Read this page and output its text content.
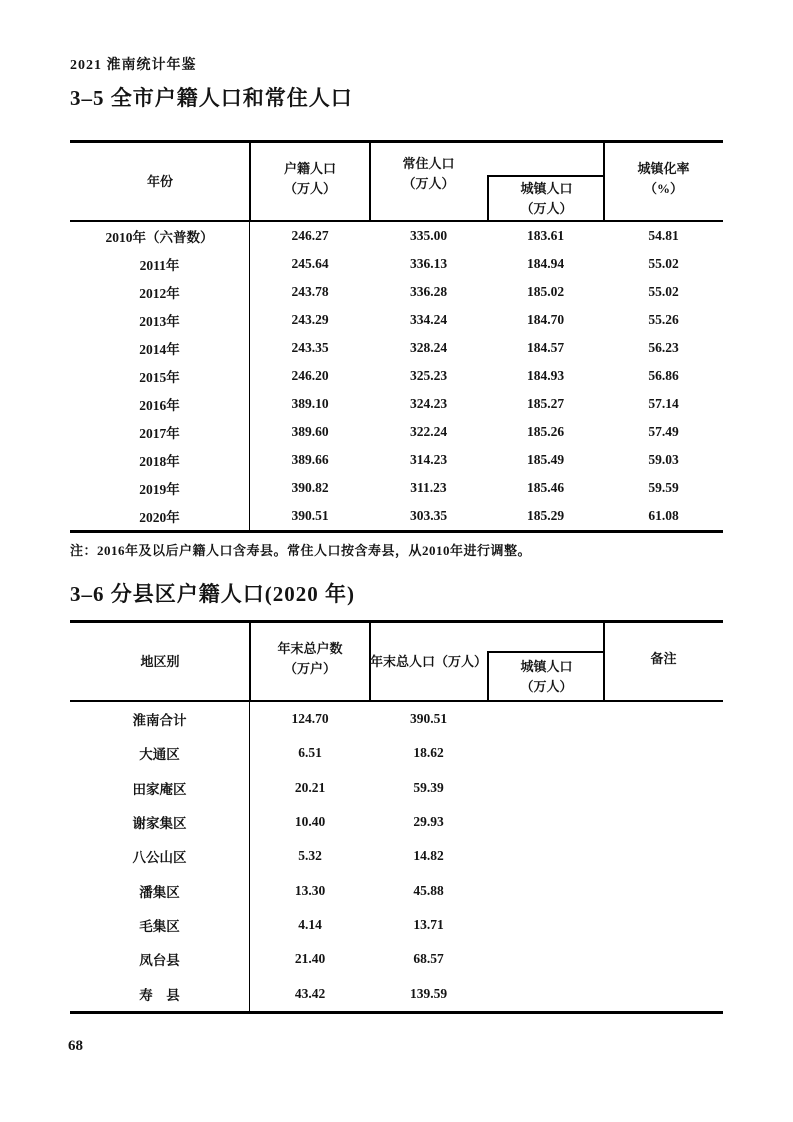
2021 淮南统计年鉴
3–5 全市户籍人口和常住人口
年份
户籍人口
（万人）
常住人口
（万人）	城镇人口
（万人）
城镇化率
（%）
2010年（六普数）	246.27	335.00	183.61	54.81
2011年	245.64	336.13	184.94	55.02
2012年	243.78	336.28	185.02	55.02
2013年	243.29	334.24	184.70	55.26
2014年	243.35	328.24	184.57	56.23
2015年	246.20	325.23	184.93	56.86
2016年	389.10	324.23	185.27	57.14
2017年	389.60	322.24	185.26	57.49
2018年	389.66	314.23	185.49	59.03
2019年	390.82	311.23	185.46	59.59
2020年	390.51	303.35	185.29	61.08
注：2016年及以后户籍人口含寿县。常住人口按含寿县，从2010年进行调整。
3–6 分县区户籍人口(2020 年)
地区别
年末总户数
（万户）	年末总人口（万人）	城镇人口
（万人）
备注
淮南合计	124.70	390.51
大通区	6.51	18.62
田家庵区	20.21	59.39
谢家集区	10.40	29.93
八公山区	5.32	14.82
潘集区	13.30	45.88
毛集区	4.14	13.71
凤台县	21.40	68.57
寿　县	43.42	139.59
68
